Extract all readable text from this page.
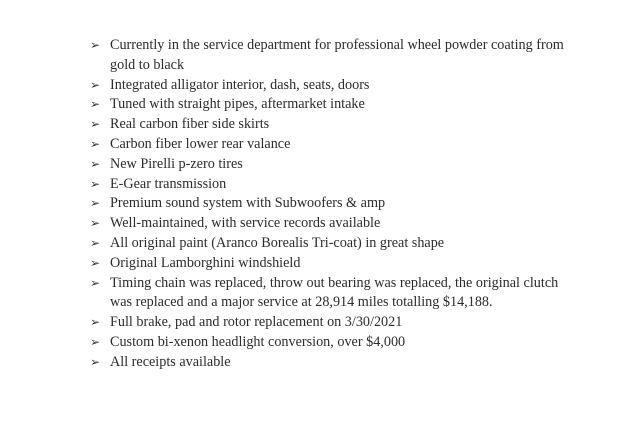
➢ Currently in the service department for professional wheel powder coating from gold to black
➢ Integrated alligator interior, dash, seats, doors
➢ Tuned with straight pipes, aftermarket intake
➢ Real carbon fiber side skirts
➢ Carbon fiber lower rear valance
➢ New Pirelli p-zero tires
➢ E-Gear transmission
➢ Premium sound system with Subwoofers & amp
➢ Well-maintained, with service records available
➢ All original paint (Aranco Borealis Tri-coat) in great shape
➢ Original Lamborghini windshield
➢ Timing chain was replaced, throw out bearing was replaced, the original clutch was replaced and a major service at 28,914 miles totalling $14,188.
➢ Full brake, pad and rotor replacement on 3/30/2021
➢ Custom bi-xenon headlight conversion, over $4,000
➢ All receipts available
